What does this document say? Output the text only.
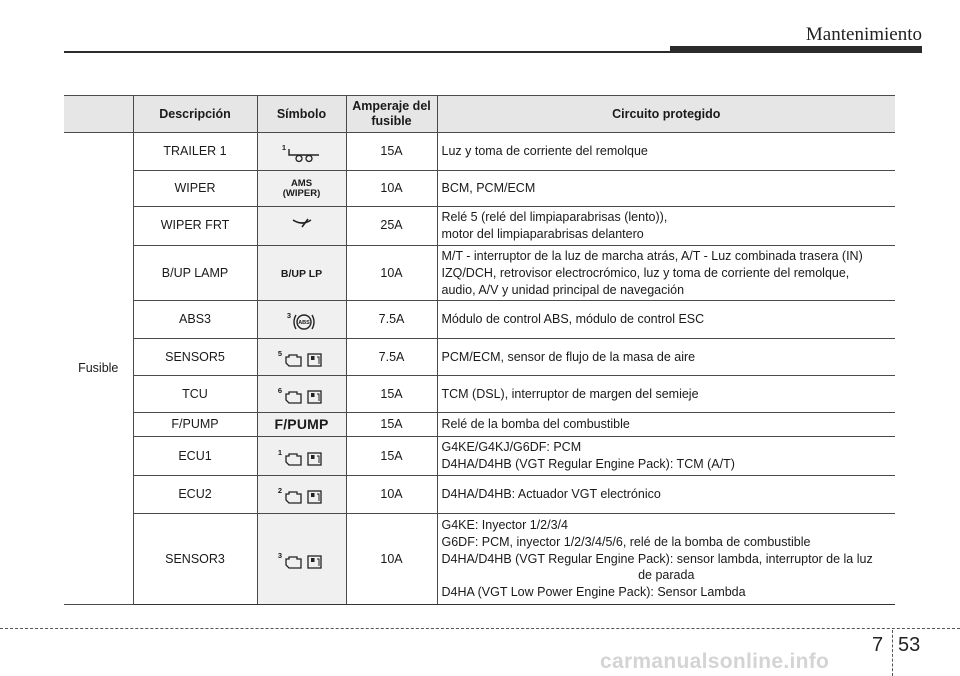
Mantenimiento
	Descripción	Símbolo	Amperaje del
fusible	Circuito protegido
Fusible	TRAILER 1	1	15A	Luz y toma de corriente del remolque

	WIPER	AMS
(WIPER)	10A	BCM, PCM/ECM

	WIPER FRT		25A	Relé 5 (relé del limpiaparabrisas (lento)),
motor del limpiaparabrisas delantero

	B/UP LAMP	B/UP LP	10A	M/T - interruptor de la luz de marcha atrás, A/T - Luz combinada trasera (IN)
IZQ/DCH, retrovisor electrocrómico, luz y toma de corriente del remolque,
audio, A/V y unidad principal de navegación

	ABS3	3
ABS	7.5A	Módulo de control ABS, módulo de control ESC

	SENSOR5	5	7.5A	PCM/ECM, sensor de flujo de la masa de aire

	TCU	6	15A	TCM (DSL), interruptor de margen del semieje

	F/PUMP	F/PUMP	15A	Relé de la bomba del combustible

	ECU1	1	15A	G4KE/G4KJ/G6DF: PCM
D4HA/D4HB (VGT Regular Engine Pack): TCM (A/T)

	ECU2	2	10A	D4HA/D4HB: Actuador VGT electrónico

	SENSOR3	3	10A	G4KE: Inyector 1/2/3/4
G6DF: PCM, inyector 1/2/3/4/5/6, relé de la bomba de combustible
D4HA/D4HB (VGT Regular Engine Pack): sensor lambda, interruptor de la luz
de parada
D4HA (VGT Low Power Engine Pack): Sensor Lambda
7 53
carmanualsonline.info
